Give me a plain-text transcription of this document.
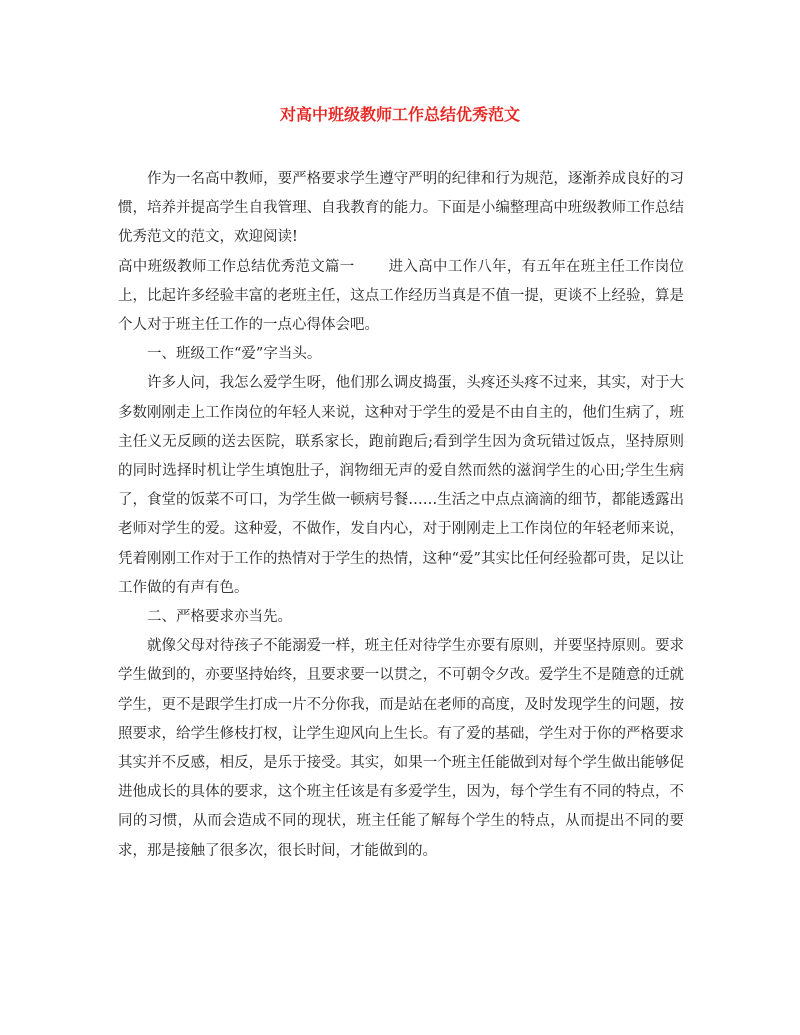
对高中班级教师工作总结优秀范文

作为一名高中教师，要严格要求学生遵守严明的纪律和行为规范，逐渐养成良好的习惯，培养并提高学生自我管理、自我教育的能力。下面是小编整理高中班级教师工作总结优秀范文的范文，欢迎阅读!

高中班级教师工作总结优秀范文篇一 进入高中工作八年，有五年在班主任工作岗位上，比起许多经验丰富的老班主任，这点工作经历当真是不值一提，更谈不上经验，算是个人对于班主任工作的一点心得体会吧。

一、班级工作“爱”字当头。

许多人问，我怎么爱学生呀，他们那么调皮捣蛋，头疼还头疼不过来，其实，对于大多数刚刚走上工作岗位的年轻人来说，这种对于学生的爱是不由自主的，他们生病了，班主任义无反顾的送去医院，联系家长，跑前跑后;看到学生因为贪玩错过饭点，坚持原则的同时选择时机让学生填饱肚子，润物细无声的爱自然而然的滋润学生的心田;学生生病了，食堂的饭菜不可口，为学生做一顿病号餐……生活之中点点滴滴的细节，都能透露出老师对学生的爱。这种爱，不做作，发自内心，对于刚刚走上工作岗位的年轻老师来说，凭着刚刚工作对于工作的热情对于学生的热情，这种“爱”其实比任何经验都可贵，足以让工作做的有声有色。

二、严格要求亦当先。

就像父母对待孩子不能溺爱一样，班主任对待学生亦要有原则，并要坚持原则。要求学生做到的，亦要坚持始终，且要求要一以贯之，不可朝令夕改。爱学生不是随意的迁就学生，更不是跟学生打成一片不分你我，而是站在老师的高度，及时发现学生的问题，按照要求，给学生修枝打杈，让学生迎风向上生长。有了爱的基础，学生对于你的严格要求其实并不反感，相反，是乐于接受。其实，如果一个班主任能做到对每个学生做出能够促进他成长的具体的要求，这个班主任该是有多爱学生，因为，每个学生有不同的特点，不同的习惯，从而会造成不同的现状，班主任能了解每个学生的特点，从而提出不同的要求，那是接触了很多次，很长时间，才能做到的。
